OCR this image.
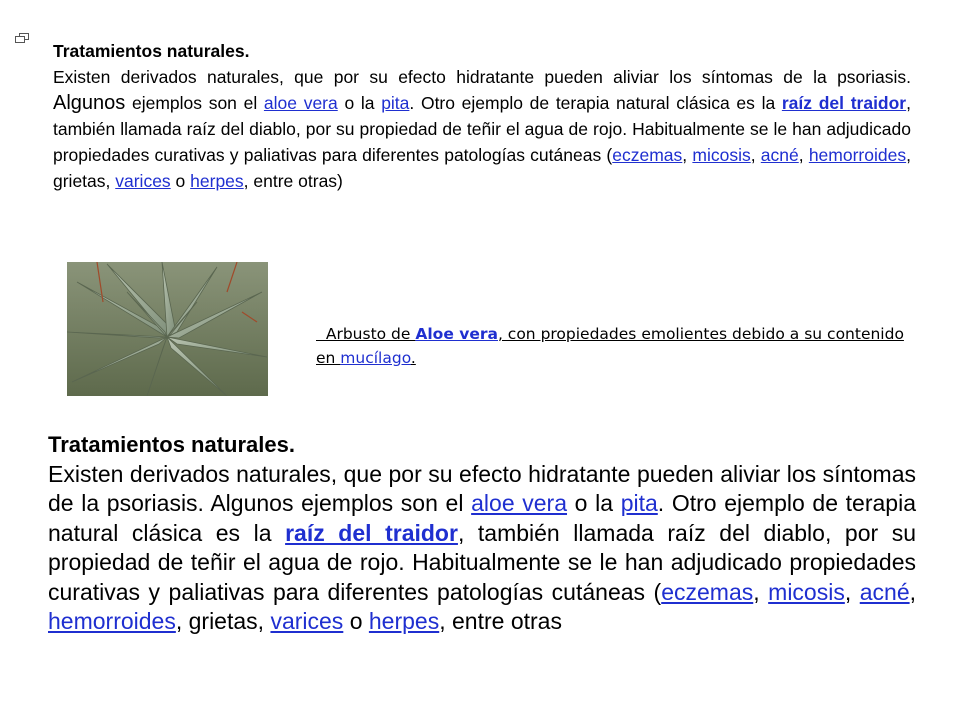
Tratamientos naturales.
Existen derivados naturales, que por su efecto hidratante pueden aliviar los síntomas de la psoriasis. Algunos ejemplos son el aloe vera o la pita. Otro ejemplo de terapia natural clásica es la raíz del traidor, también llamada raíz del diablo, por su propiedad de teñir el agua de rojo. Habitualmente se le han adjudicado propiedades curativas y paliativas para diferentes patologías cutáneas (eczemas, micosis, acné, hemorroides, grietas, varices o herpes, entre otras)
Arbusto de Aloe vera, con propiedades emolientes debido a su contenido en mucílago.
Tratamientos naturales.
Existen derivados naturales, que por su efecto hidratante pueden aliviar los síntomas de la psoriasis. Algunos ejemplos son el aloe vera o la pita. Otro ejemplo de terapia natural clásica es la raíz del traidor, también llamada raíz del diablo, por su propiedad de teñir el agua de rojo. Habitualmente se le han adjudicado propiedades curativas y paliativas para diferentes patologías cutáneas (eczemas, micosis, acné, hemorroides, grietas, varices o herpes, entre otras
